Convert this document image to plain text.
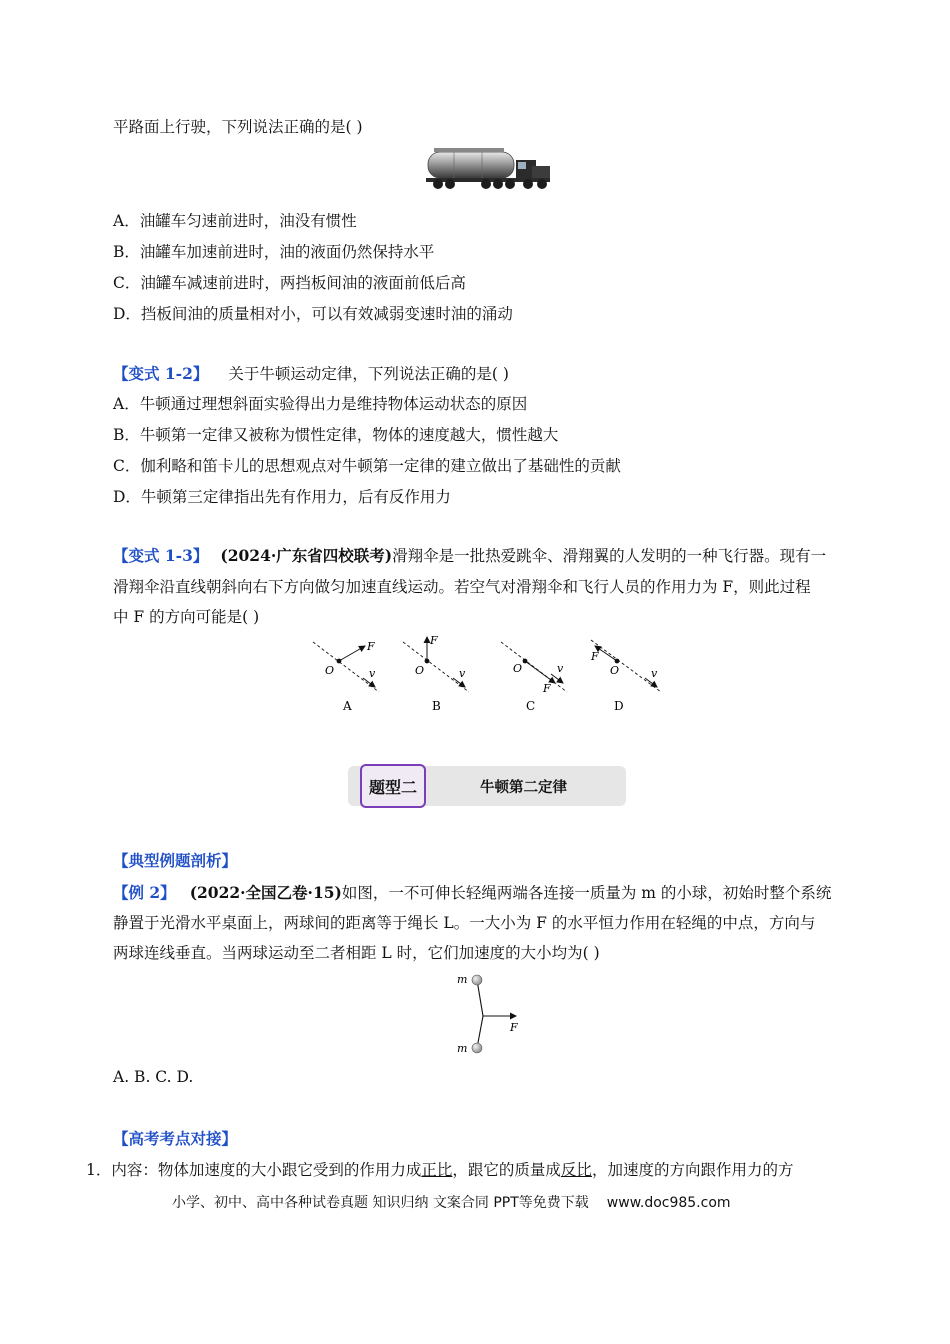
平路面上行驶，下列说法正确的是( )
A．油罐车匀速前进时，油没有惯性
B．油罐车加速前进时，油的液面仍然保持水平
C．油罐车减速前进时，两挡板间油的液面前低后高
D．挡板间油的质量相对小，可以有效减弱变速时油的涌动
【变式 1-2】 关于牛顿运动定律，下列说法正确的是( )
A．牛顿通过理想斜面实验得出力是维持物体运动状态的原因
B．牛顿第一定律又被称为惯性定律，物体的速度越大，惯性越大
C．伽利略和笛卡儿的思想观点对牛顿第一定律的建立做出了基础性的贡献
D．牛顿第三定律指出先有作用力，后有反作用力
【变式 1-3】 (2024·广东省四校联考)滑翔伞是一批热爱跳伞、滑翔翼的人发明的一种飞行器。现有一
滑翔伞沿直线朝斜向右下方向做匀加速直线运动。若空气对滑翔伞和飞行人员的作用力为 F，则此过程
中 F 的方向可能是( )
F
O	v
A
F
O	v
B
F
O	v
C
F
O	v
D
题型二	牛顿第二定律
【典型例题剖析】
【例 2】 (2022·全国乙卷·15)如图，一不可伸长轻绳两端各连接一质量为 m 的小球，初始时整个系统
静置于光滑水平桌面上，两球间的距离等于绳长 L。一大小为 F 的水平恒力作用在轻绳的中点，方向与
两球连线垂直。当两球运动至二者相距 L 时，它们加速度的大小均为( )
m
m
F
A. B. C. D.
【高考考点对接】
1．内容：物体加速度的大小跟它受到的作用力成正比，跟它的质量成反比，加速度的方向跟作用力的方
小学、初中、高中各种试卷真题 知识归纳 文案合同 PPT等免费下载 www.doc985.com
